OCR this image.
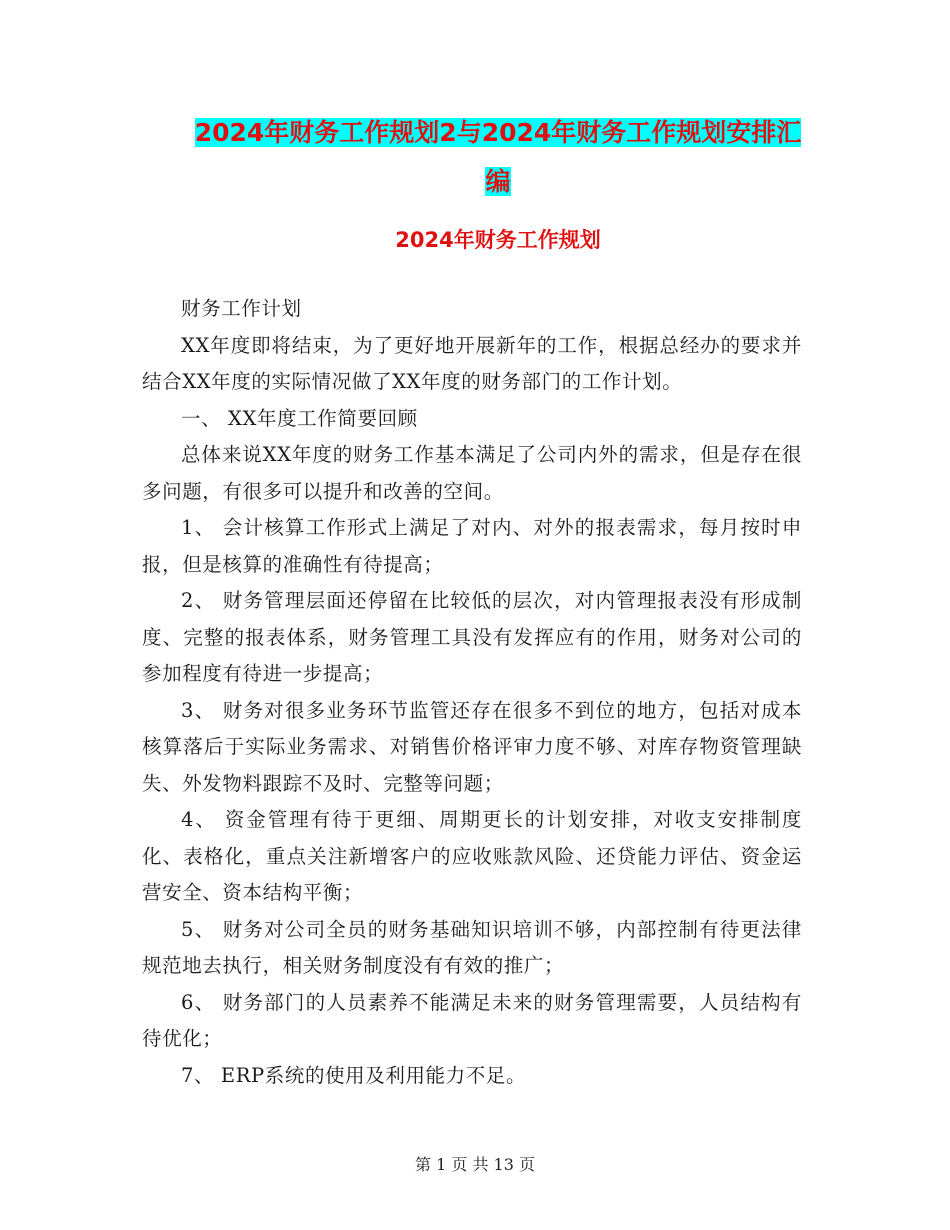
2024年财务工作规划2与2024年财务工作规划安排汇
编
2024年财务工作规划

财务工作计划

XX年度即将结束，为了更好地开展新年的工作，根据总经办的要求并结合XX年度的实际情况做了XX年度的财务部门的工作计划。

一、 XX年度工作简要回顾

总体来说XX年度的财务工作基本满足了公司内外的需求，但是存在很多问题，有很多可以提升和改善的空间。

1、 会计核算工作形式上满足了对内、对外的报表需求，每月按时申报，但是核算的准确性有待提高；

2、 财务管理层面还停留在比较低的层次，对内管理报表没有形成制度、完整的报表体系，财务管理工具没有发挥应有的作用，财务对公司的参加程度有待进一步提高；

3、 财务对很多业务环节监管还存在很多不到位的地方，包括对成本核算落后于实际业务需求、对销售价格评审力度不够、对库存物资管理缺失、外发物料跟踪不及时、完整等问题；

4、 资金管理有待于更细、周期更长的计划安排，对收支安排制度化、表格化，重点关注新增客户的应收账款风险、还贷能力评估、资金运营安全、资本结构平衡；

5、 财务对公司全员的财务基础知识培训不够，内部控制有待更法律规范地去执行，相关财务制度没有有效的推广；

6、 财务部门的人员素养不能满足未来的财务管理需要，人员结构有待优化；

7、 ERP系统的使用及利用能力不足。

第 1 页 共 13 页
